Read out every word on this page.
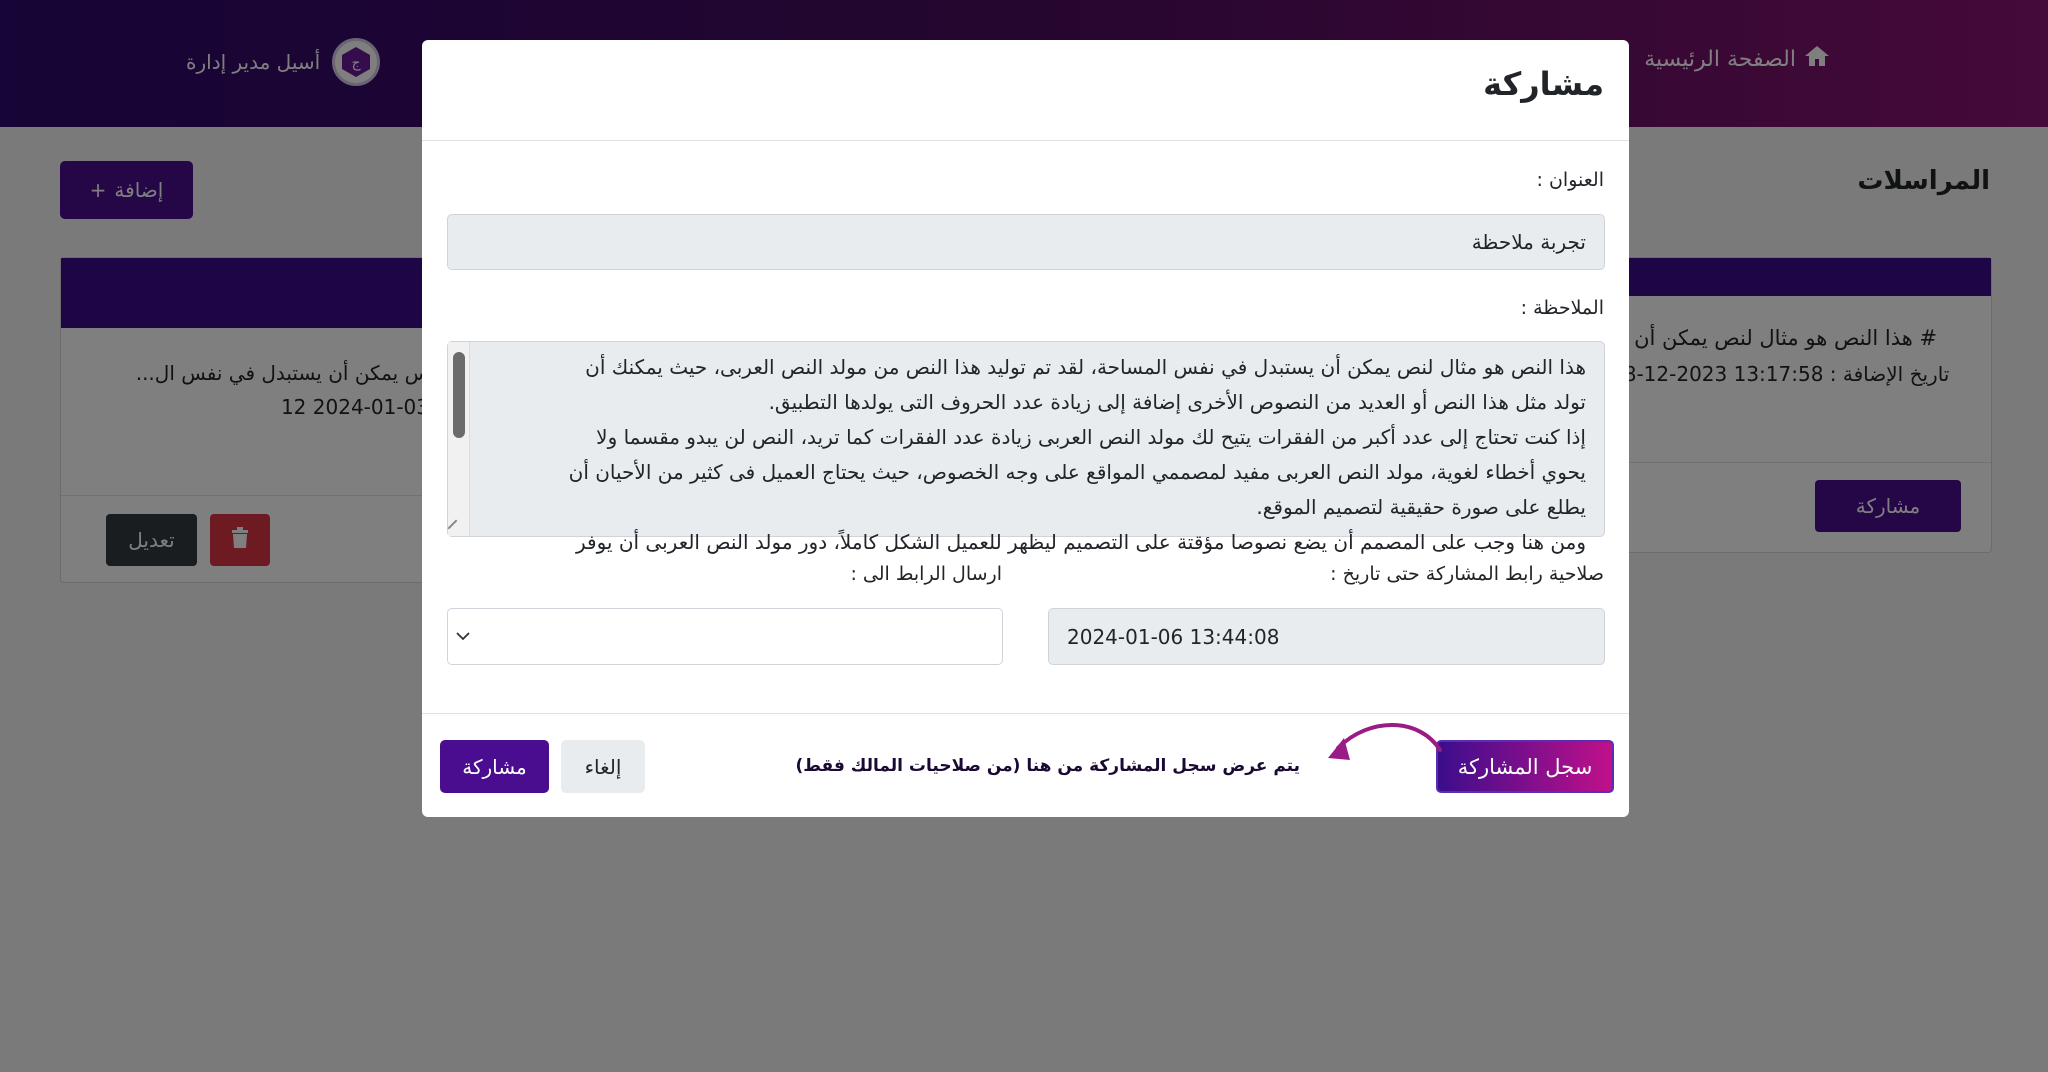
مشاركة
العنوان :
تجربة ملاحظة
الملاحظة :
هذا النص هو مثال لنص يمكن أن يستبدل في نفس المساحة، لقد تم توليد هذا النص من مولد النص العربى، حيث يمكنك أن
تولد مثل هذا النص أو العديد من النصوص الأخرى إضافة إلى زيادة عدد الحروف التى يولدها التطبيق.
إذا كنت تحتاج إلى عدد أكبر من الفقرات يتيح لك مولد النص العربى زيادة عدد الفقرات كما تريد، النص لن يبدو مقسما ولا
يحوي أخطاء لغوية، مولد النص العربى مفيد لمصممي المواقع على وجه الخصوص، حيث يحتاج العميل فى كثير من الأحيان أن
يطلع على صورة حقيقية لتصميم الموقع.
ومن هنا وجب على المصمم أن يضع نصوصا مؤقتة على التصميم ليظهر للعميل الشكل كاملاً، دور مولد النص العربى أن يوفر
صلاحية رابط المشاركة حتى تاريخ :
2024-01-06 13:44:08
ارسال الرابط الى :
سجل المشاركة
يتم عرض سجل المشاركة من هنا (من صلاحيات المالك فقط)
إلغاء
مشاركة
